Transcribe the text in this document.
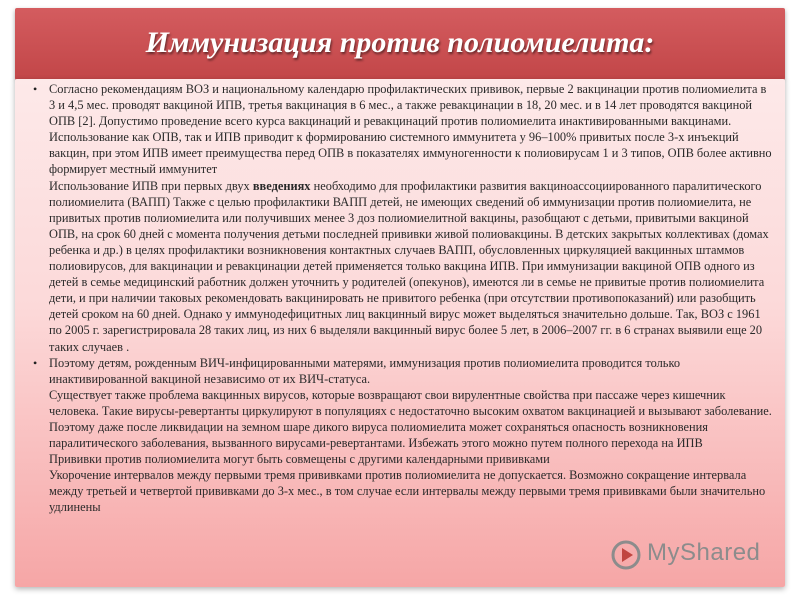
Иммунизация против полиомиелита:
• Согласно рекомендациям ВОЗ и национальному календарю профилактических прививок, первые 2 вакцинации против полиомиелита в 3 и 4,5 мес. проводят вакциной ИПВ, третья вакцинация в 6 мес., а также ревакцинации в 18, 20 мес. и в 14 лет проводятся вакциной ОПВ [2]. Допустимо проведение всего курса вакцинаций и ревакцинаций против полиомиелита инактивированными вакцинами. Использование как ОПВ, так и ИПВ приводит к формированию системного иммунитета у 96–100% привитых после 3-х инъекций вакцин, при этом ИПВ имеет преимущества перед ОПВ в показателях иммуногенности к полиовирусам 1 и 3 типов, ОПВ более активно формирует местный иммунитет

Использование ИПВ при первых двух введениях необходимо для профилактики развития вакциноассоциированного паралитического полиомиелита (ВАПП) Также с целью профилактики ВАПП детей, не имеющих сведений об иммунизации против полиомиелита, не привитых против полиомиелита или получивших менее 3 доз полиомиелитной вакцины, разобщают с детьми, привитыми вакциной ОПВ, на срок 60 дней с момента получения детьми последней прививки живой полиовакцины. В детских закрытых коллективах (домах ребенка и др.) в целях профилактики возникновения контактных случаев ВАПП, обусловленных циркуляцией вакцинных штаммов полиовирусов, для вакцинации и ревакцинации детей применяется только вакцина ИПВ. При иммунизации вакциной ОПВ одного из детей в семье медицинский работник должен уточнить у родителей (опекунов), имеются ли в семье не привитые против полиомиелита дети, и при наличии таковых рекомендовать вакцинировать не привитого ребенка (при отсутствии противопоказаний) или разобщить детей сроком на 60 дней. Однако у иммунодефицитных лиц вакцинный вирус может выделяться значительно дольше. Так, ВОЗ с 1961 по 2005 г. зарегистрировала 28 таких лиц, из них 6 выделяли вакцинный вирус более 5 лет, в 2006–2007 гг. в 6 странах выявили еще 20 таких случаев .

• Поэтому детям, рожденным ВИЧ-инфицированными матерями, иммунизация против полиомиелита проводится только инактивированной вакциной независимо от их ВИЧ-статуса.

Существует также проблема вакцинных вирусов, которые возвращают свои вирулентные свойства при пассаже через кишечник человека. Такие вирусы-ревертанты циркулируют в популяциях с недостаточно высоким охватом вакцинацией и вызывают заболевание. Поэтому даже после ликвидации на земном шаре дикого вируса полиомиелита может сохраняться опасность возникновения паралитического заболевания, вызванного вирусами-ревертантами. Избежать этого можно путем полного перехода на ИПВ

Прививки против полиомиелита могут быть совмещены с другими календарными прививками

Укорочение интервалов между первыми тремя прививками против полиомиелита не допускается. Возможно сокращение интервала между третьей и четвертой прививками до 3-х мес., в том случае если интервалы между первыми тремя прививками были значительно удлинены

MyShared
